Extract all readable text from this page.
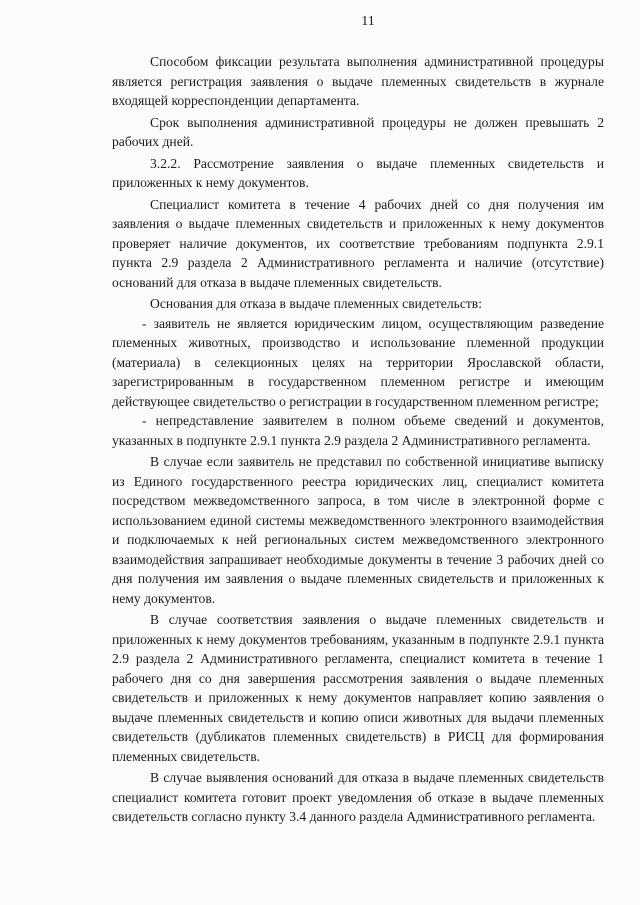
11

Способом фиксации результата выполнения административной процедуры является регистрация заявления о выдаче племенных свидетельств в журнале входящей корреспонденции департамента.

Срок выполнения административной процедуры не должен превышать 2 рабочих дней.

3.2.2. Рассмотрение заявления о выдаче племенных свидетельств и приложенных к нему документов.

Специалист комитета в течение 4 рабочих дней со дня получения им заявления о выдаче племенных свидетельств и приложенных к нему документов проверяет наличие документов, их соответствие требованиям подпункта 2.9.1 пункта 2.9 раздела 2 Административного регламента и наличие (отсутствие) оснований для отказа в выдаче племенных свидетельств.

Основания для отказа в выдаче племенных свидетельств:

- заявитель не является юридическим лицом, осуществляющим разведение племенных животных, производство и использование племенной продукции (материала) в селекционных целях на территории Ярославской области, зарегистрированным в государственном племенном регистре и имеющим действующее свидетельство о регистрации в государственном племенном регистре;

- непредставление заявителем в полном объеме сведений и документов, указанных в подпункте 2.9.1 пункта 2.9 раздела 2 Административного регламента.

В случае если заявитель не представил по собственной инициативе выписку из Единого государственного реестра юридических лиц, специалист комитета посредством межведомственного запроса, в том числе в электронной форме с использованием единой системы межведомственного электронного взаимодействия и подключаемых к ней региональных систем межведомственного электронного взаимодействия запрашивает необходимые документы в течение 3 рабочих дней со дня получения им заявления о выдаче племенных свидетельств и приложенных к нему документов.

В случае соответствия заявления о выдаче племенных свидетельств и приложенных к нему документов требованиям, указанным в подпункте 2.9.1 пункта 2.9 раздела 2 Административного регламента, специалист комитета в течение 1 рабочего дня со дня завершения рассмотрения заявления о выдаче племенных свидетельств и приложенных к нему документов направляет копию заявления о выдаче племенных свидетельств и копию описи животных для выдачи племенных свидетельств (дубликатов племенных свидетельств) в РИСЦ для формирования племенных свидетельств.

В случае выявления оснований для отказа в выдаче племенных свидетельств специалист комитета готовит проект уведомления об отказе в выдаче племенных свидетельств согласно пункту 3.4 данного раздела Административного регламента.
